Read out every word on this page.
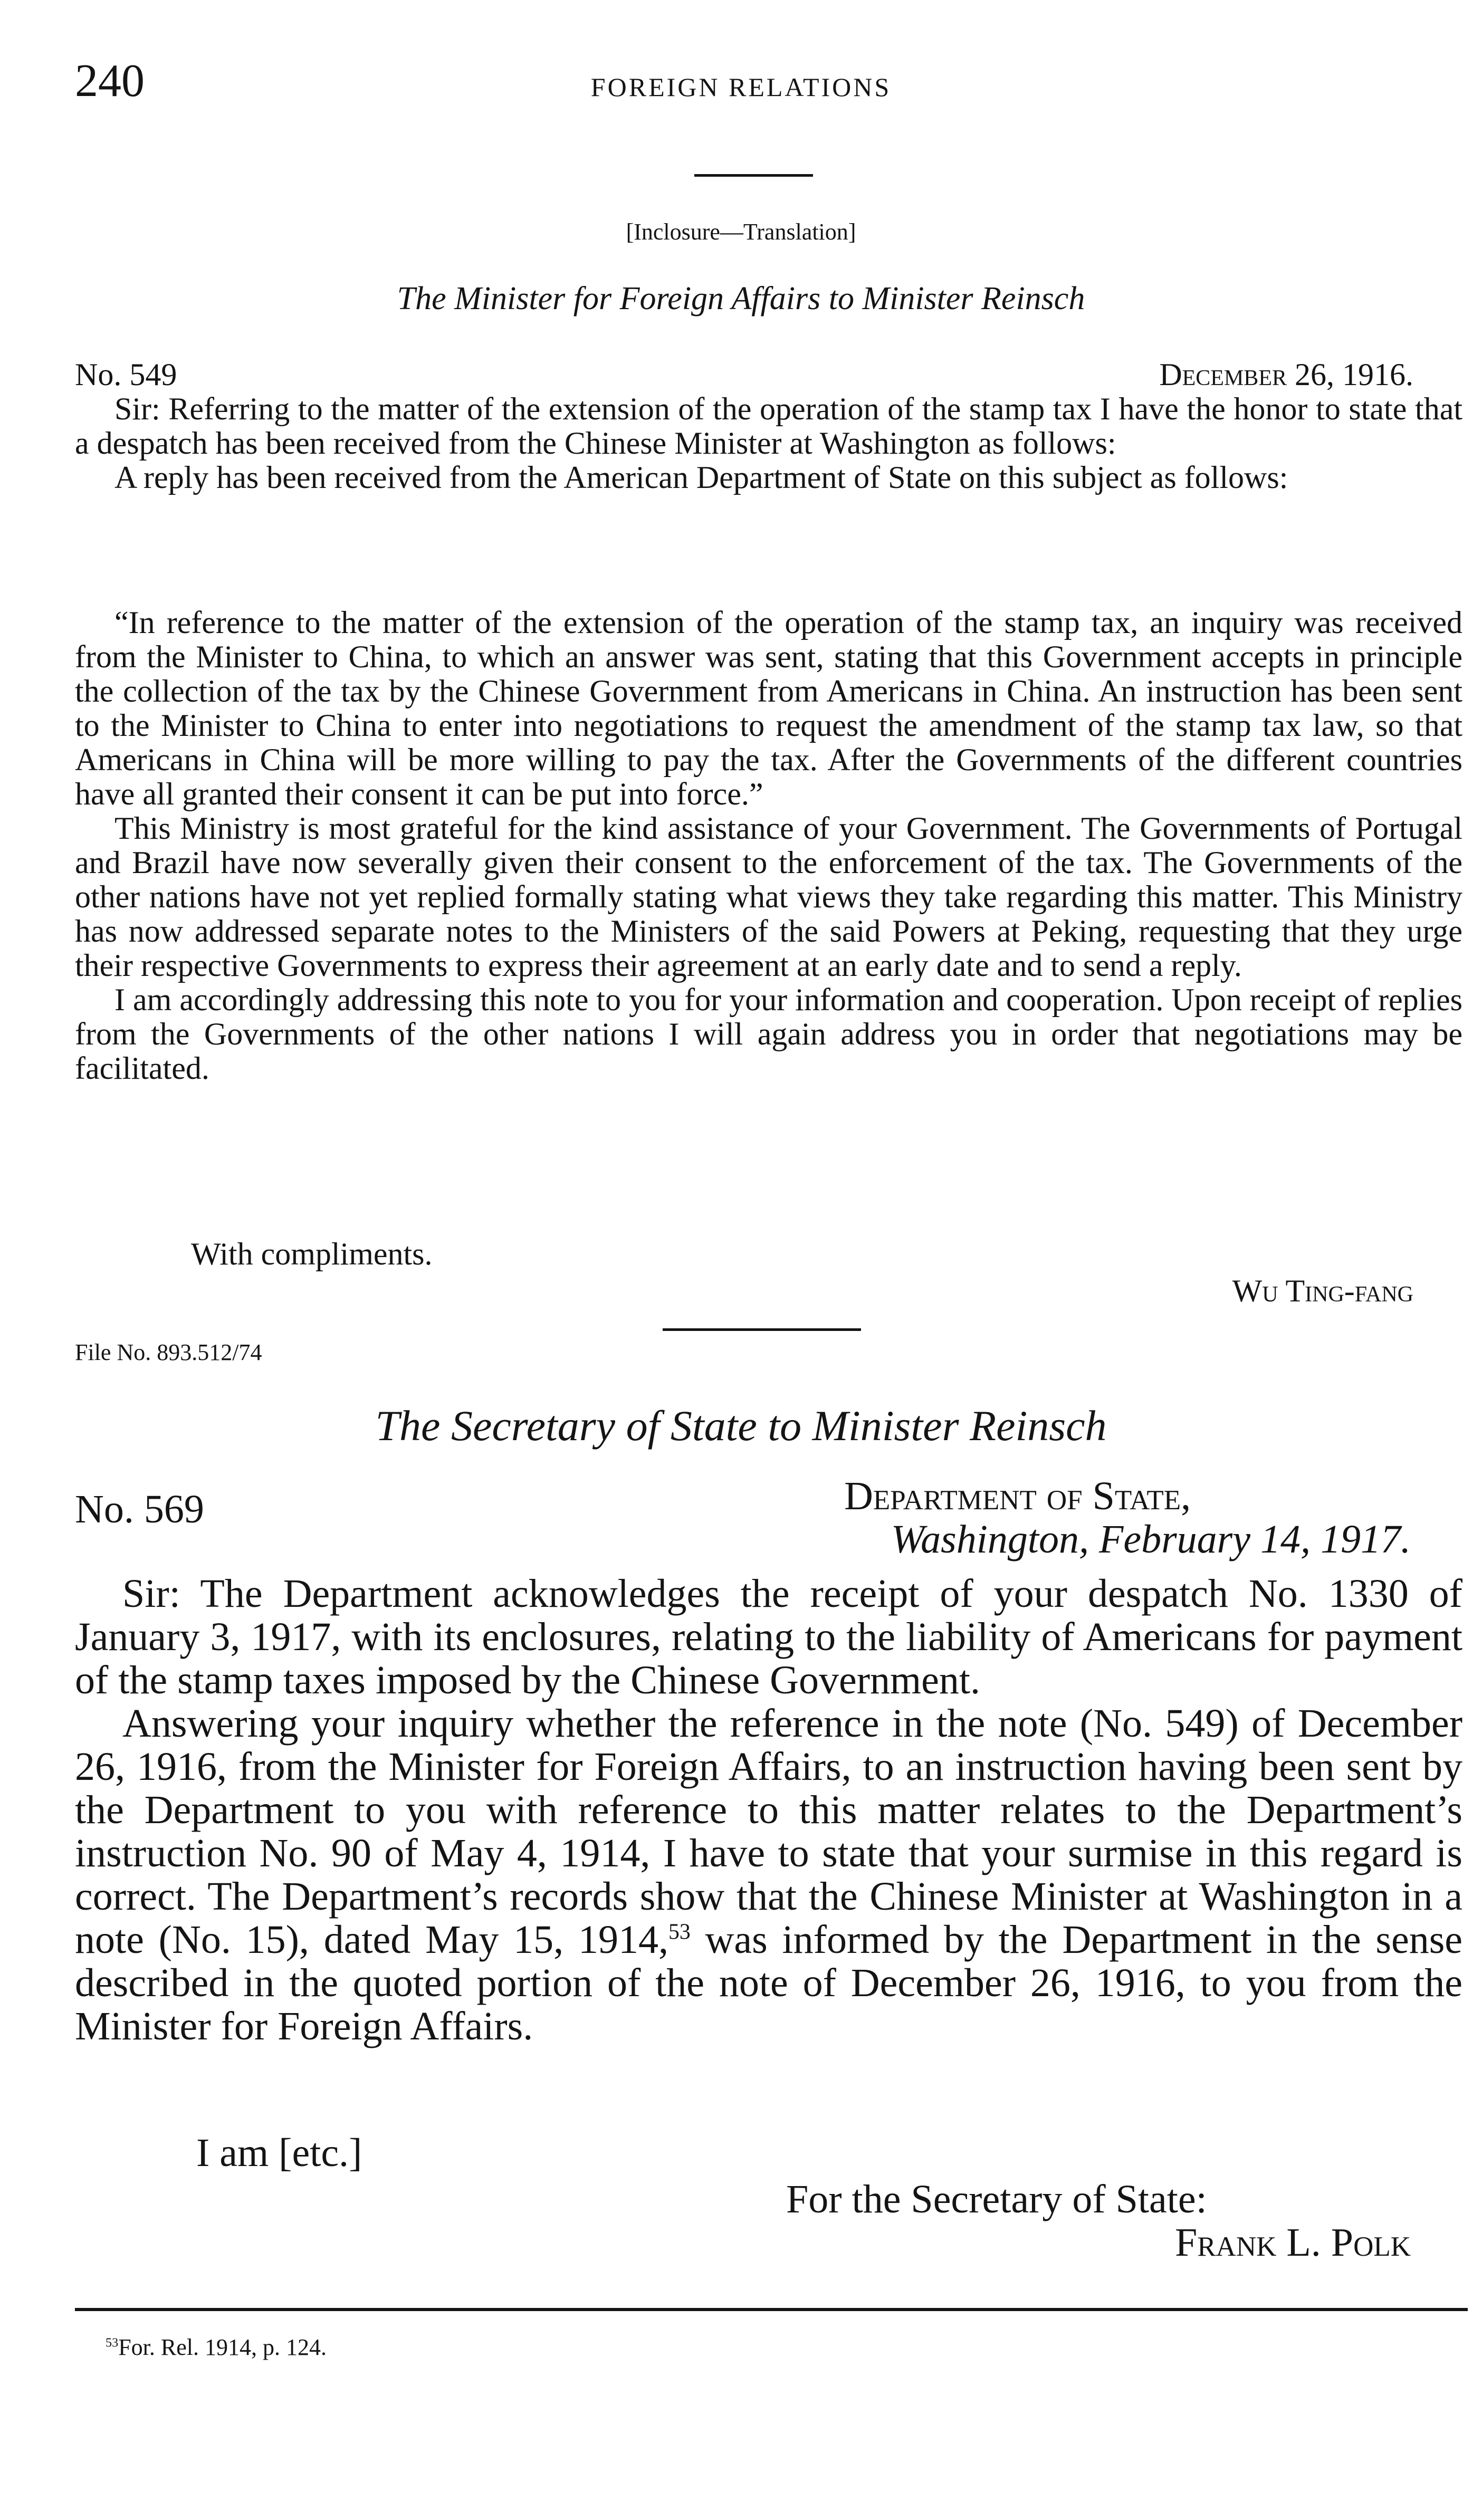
240	FOREIGN RELATIONS
[Inclosure—Translation]
The Minister for Foreign Affairs to Minister Reinsch
No. 549	December 26, 1916.

Sir: Referring to the matter of the extension of the operation of the stamp tax I have the honor to state that a despatch has been received from the Chinese Minister at Washington as follows:

A reply has been received from the American Department of State on this subject as follows:

“In reference to the matter of the extension of the operation of the stamp tax, an inquiry was received from the Minister to China, to which an answer was sent, stating that this Government accepts in principle the collection of the tax by the Chinese Government from Americans in China. An instruction has been sent to the Minister to China to enter into negotiations to request the amendment of the stamp tax law, so that Americans in China will be more willing to pay the tax. After the Governments of the different countries have all granted their consent it can be put into force.”

This Ministry is most grateful for the kind assistance of your Government. The Governments of Portugal and Brazil have now severally given their consent to the enforcement of the tax. The Governments of the other nations have not yet replied formally stating what views they take regarding this matter. This Ministry has now addressed separate notes to the Ministers of the said Powers at Peking, requesting that they urge their respective Governments to express their agreement at an early date and to send a reply.

I am accordingly addressing this note to you for your information and cooperation. Upon receipt of replies from the Governments of the other nations I will again address you in order that negotiations may be facilitated.

With compliments.
Wu Ting-fang
File No. 893.512/74
The Secretary of State to Minister Reinsch
No. 569	Department of State,
Washington, February 14, 1917.

Sir: The Department acknowledges the receipt of your despatch No. 1330 of January 3, 1917, with its enclosures, relating to the liability of Americans for payment of the stamp taxes imposed by the Chinese Government.

Answering your inquiry whether the reference in the note (No. 549) of December 26, 1916, from the Minister for Foreign Affairs, to an instruction having been sent by the Department to you with reference to this matter relates to the Department’s instruction No. 90 of May 4, 1914, I have to state that your surmise in this regard is correct. The Department’s records show that the Chinese Minister at Washington in a note (No. 15), dated May 15, 1914,53 was informed by the Department in the sense described in the quoted portion of the note of December 26, 1916, to you from the Minister for Foreign Affairs.

I am [etc.]
For the Secretary of State:
Frank L. Polk
$^{53}$For. Rel. 1914, p. 124.
